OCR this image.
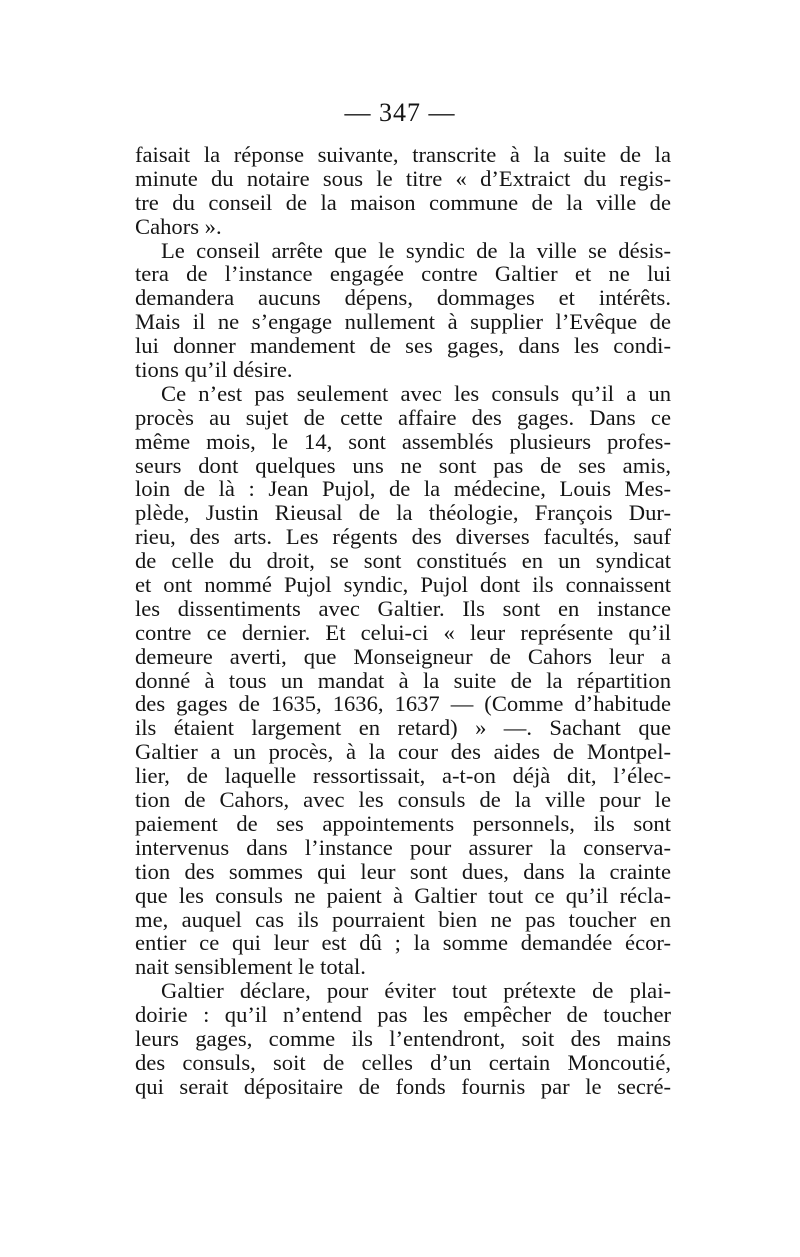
— 347 —
faisait la réponse suivante, transcrite à la suite de la
minute du notaire sous le titre « d’Extraict du regis-
tre du conseil de la maison commune de la ville de
Cahors ».
Le conseil arrête que le syndic de la ville se désis-
tera de l’instance engagée contre Galtier et ne lui
demandera aucuns dépens, dommages et intérêts.
Mais il ne s’engage nullement à supplier l’Evêque de
lui donner mandement de ses gages, dans les condi-
tions qu’il désire.
Ce n’est pas seulement avec les consuls qu’il a un
procès au sujet de cette affaire des gages. Dans ce
même mois, le 14, sont assemblés plusieurs profes-
seurs dont quelques uns ne sont pas de ses amis,
loin de là : Jean Pujol, de la médecine, Louis Mes-
plède, Justin Rieusal de la théologie, François Dur-
rieu, des arts. Les régents des diverses facultés, sauf
de celle du droit, se sont constitués en un syndicat
et ont nommé Pujol syndic, Pujol dont ils connaissent
les dissentiments avec Galtier. Ils sont en instance
contre ce dernier. Et celui-ci « leur représente qu’il
demeure averti, que Monseigneur de Cahors leur a
donné à tous un mandat à la suite de la répartition
des gages de 1635, 1636, 1637 — (Comme d’habitude
ils étaient largement en retard) » —. Sachant que
Galtier a un procès, à la cour des aides de Montpel-
lier, de laquelle ressortissait, a-t-on déjà dit, l’élec-
tion de Cahors, avec les consuls de la ville pour le
paiement de ses appointements personnels, ils sont
intervenus dans l’instance pour assurer la conserva-
tion des sommes qui leur sont dues, dans la crainte
que les consuls ne paient à Galtier tout ce qu’il récla-
me, auquel cas ils pourraient bien ne pas toucher en
entier ce qui leur est dû ; la somme demandée écor-
nait sensiblement le total.
Galtier déclare, pour éviter tout prétexte de plai-
doirie : qu’il n’entend pas les empêcher de toucher
leurs gages, comme ils l’entendront, soit des mains
des consuls, soit de celles d’un certain Moncoutié,
qui serait dépositaire de fonds fournis par le secré-
